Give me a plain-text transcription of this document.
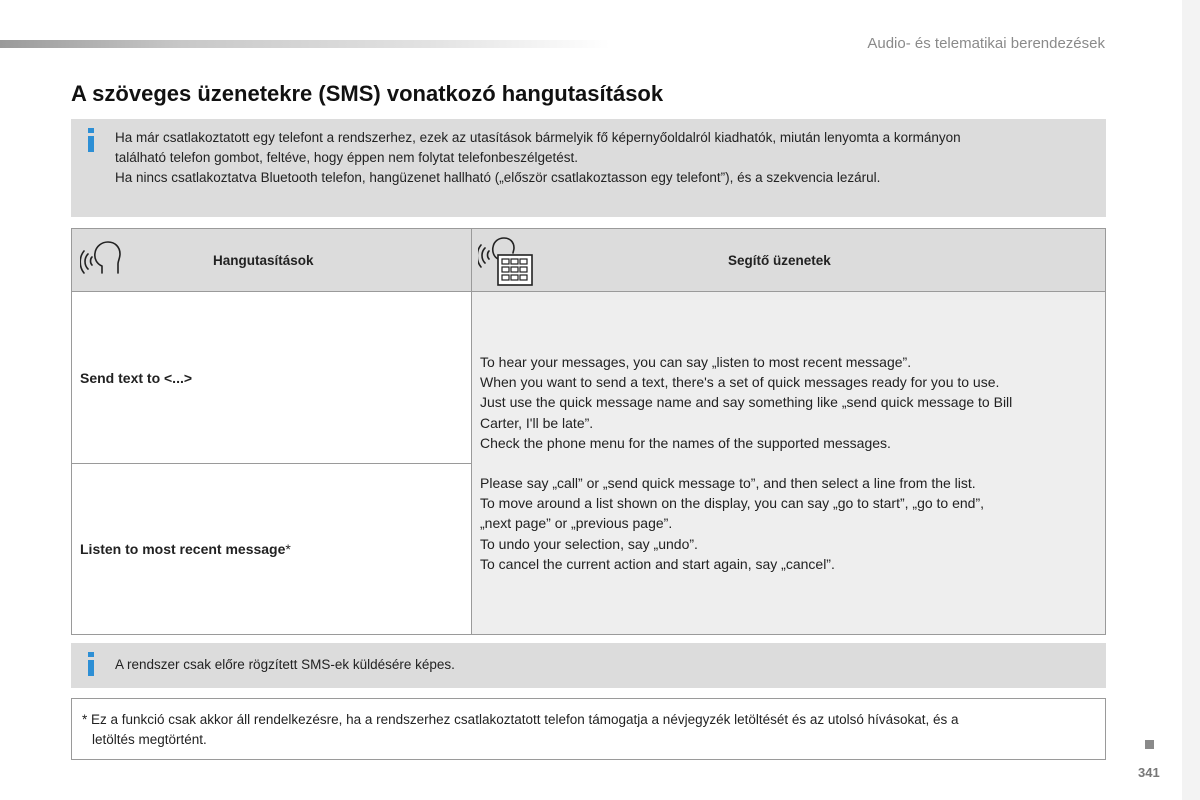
Audio- és telematikai berendezések
A szöveges üzenetekre (SMS) vonatkozó hangutasítások
Ha már csatlakoztatott egy telefont a rendszerhez, ezek az utasítások bármelyik fő képernyőoldalról kiadhatók, miután lenyomta a kormányon
található telefon gombot, feltéve, hogy éppen nem folytat telefonbeszélgetést.
Ha nincs csatlakoztatva Bluetooth telefon, hangüzenet hallható („először csatlakoztasson egy telefont”), és a szekvencia lezárul.
Hangutasítások	Segítő üzenetek
Send text to <...>
Listen to most recent message*

To hear your messages, you can say „listen to most recent message”.

When you want to send a text, there's a set of quick messages ready for you to use.

Just use the quick message name and say something like „send quick message to Bill

Carter, I'll be late”.

Check the phone menu for the names of the supported messages.

Please say „call” or „send quick message to”, and then select a line from the list.

To move around a list shown on the display, you can say „go to start”, „go to end”,

„next page” or „previous page”.

To undo your selection, say „undo”.

To cancel the current action and start again, say „cancel”.

A rendszer csak előre rögzített SMS-ek küldésére képes.
* Ez a funkció csak akkor áll rendelkezésre, ha a rendszerhez csatlakoztatott telefon támogatja a névjegyzék letöltését és az utolsó hívásokat, és a
letöltés megtörtént.
341
